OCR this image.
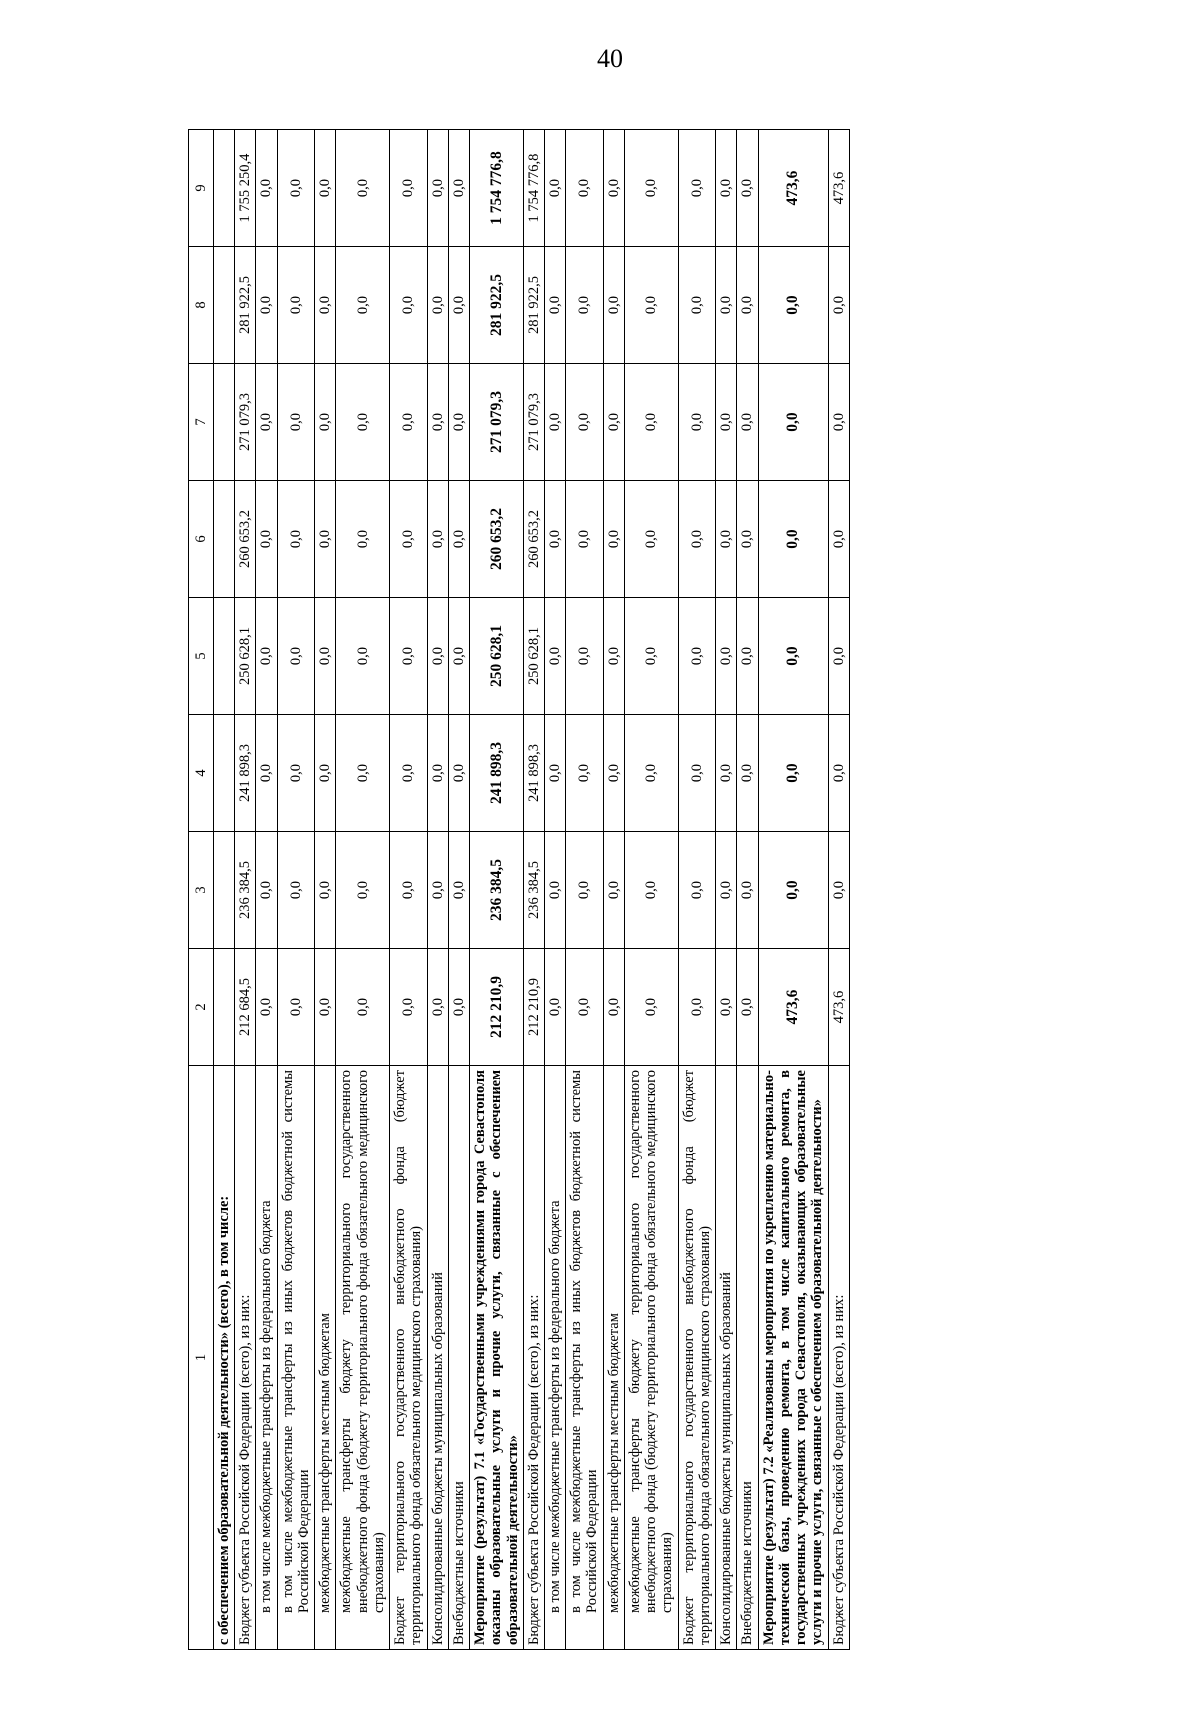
40
1	2	3	4	5	6	7	8	9
с обеспечением образовательной деятельности» (всего), в том числе:								
Бюджет субъекта Российской Федерации (всего), из них:	212 684,5	236 384,5	241 898,3	250 628,1	260 653,2	271 079,3	281 922,5	1 755 250,4
в том числе межбюджетные трансферты из федерального бюджета	0,0	0,0	0,0	0,0	0,0	0,0	0,0	0,0
в том числе межбюджетные трансферты из иных бюджетов бюджетной системы Российской Федерации	0,0	0,0	0,0	0,0	0,0	0,0	0,0	0,0
межбюджетные трансферты местным бюджетам	0,0	0,0	0,0	0,0	0,0	0,0	0,0	0,0
межбюджетные трансферты бюджету территориального государственного внебюджетного фонда (бюджету территориального фонда обязательного медицинского страхования)	0,0	0,0	0,0	0,0	0,0	0,0	0,0	0,0
Бюджет территориального государственного внебюджетного фонда (бюджет территориального фонда обязательного медицинского страхования)	0,0	0,0	0,0	0,0	0,0	0,0	0,0	0,0
Консолидированные бюджеты муниципальных образований	0,0	0,0	0,0	0,0	0,0	0,0	0,0	0,0
Внебюджетные источники	0,0	0,0	0,0	0,0	0,0	0,0	0,0	0,0
Мероприятие (результат) 7.1 «Государственными учреждениями города Севастополя оказаны образовательные услуги и прочие услуги, связанные с обеспечением образовательной деятельности»	212 210,9	236 384,5	241 898,3	250 628,1	260 653,2	271 079,3	281 922,5	1 754 776,8
Бюджет субъекта Российской Федерации (всего), из них:	212 210,9	236 384,5	241 898,3	250 628,1	260 653,2	271 079,3	281 922,5	1 754 776,8
в том числе межбюджетные трансферты из федерального бюджета	0,0	0,0	0,0	0,0	0,0	0,0	0,0	0,0
в том числе межбюджетные трансферты из иных бюджетов бюджетной системы Российской Федерации	0,0	0,0	0,0	0,0	0,0	0,0	0,0	0,0
межбюджетные трансферты местным бюджетам	0,0	0,0	0,0	0,0	0,0	0,0	0,0	0,0
межбюджетные трансферты бюджету территориального государственного внебюджетного фонда (бюджету территориального фонда обязательного медицинского страхования)	0,0	0,0	0,0	0,0	0,0	0,0	0,0	0,0
Бюджет территориального государственного внебюджетного фонда (бюджет территориального фонда обязательного медицинского страхования)	0,0	0,0	0,0	0,0	0,0	0,0	0,0	0,0
Консолидированные бюджеты муниципальных образований	0,0	0,0	0,0	0,0	0,0	0,0	0,0	0,0
Внебюджетные источники	0,0	0,0	0,0	0,0	0,0	0,0	0,0	0,0
Мероприятие (результат) 7.2 «Реализованы мероприятия по укреплению материально-технической базы, проведению ремонта, в том числе капитального ремонта, в государственных учреждениях города Севастополя, оказывающих образовательные услуги и прочие услуги, связанные с обеспечением образовательной деятельности»	473,6	0,0	0,0	0,0	0,0	0,0	0,0	473,6
Бюджет субъекта Российской Федерации (всего), из них:	473,6	0,0	0,0	0,0	0,0	0,0	0,0	473,6
